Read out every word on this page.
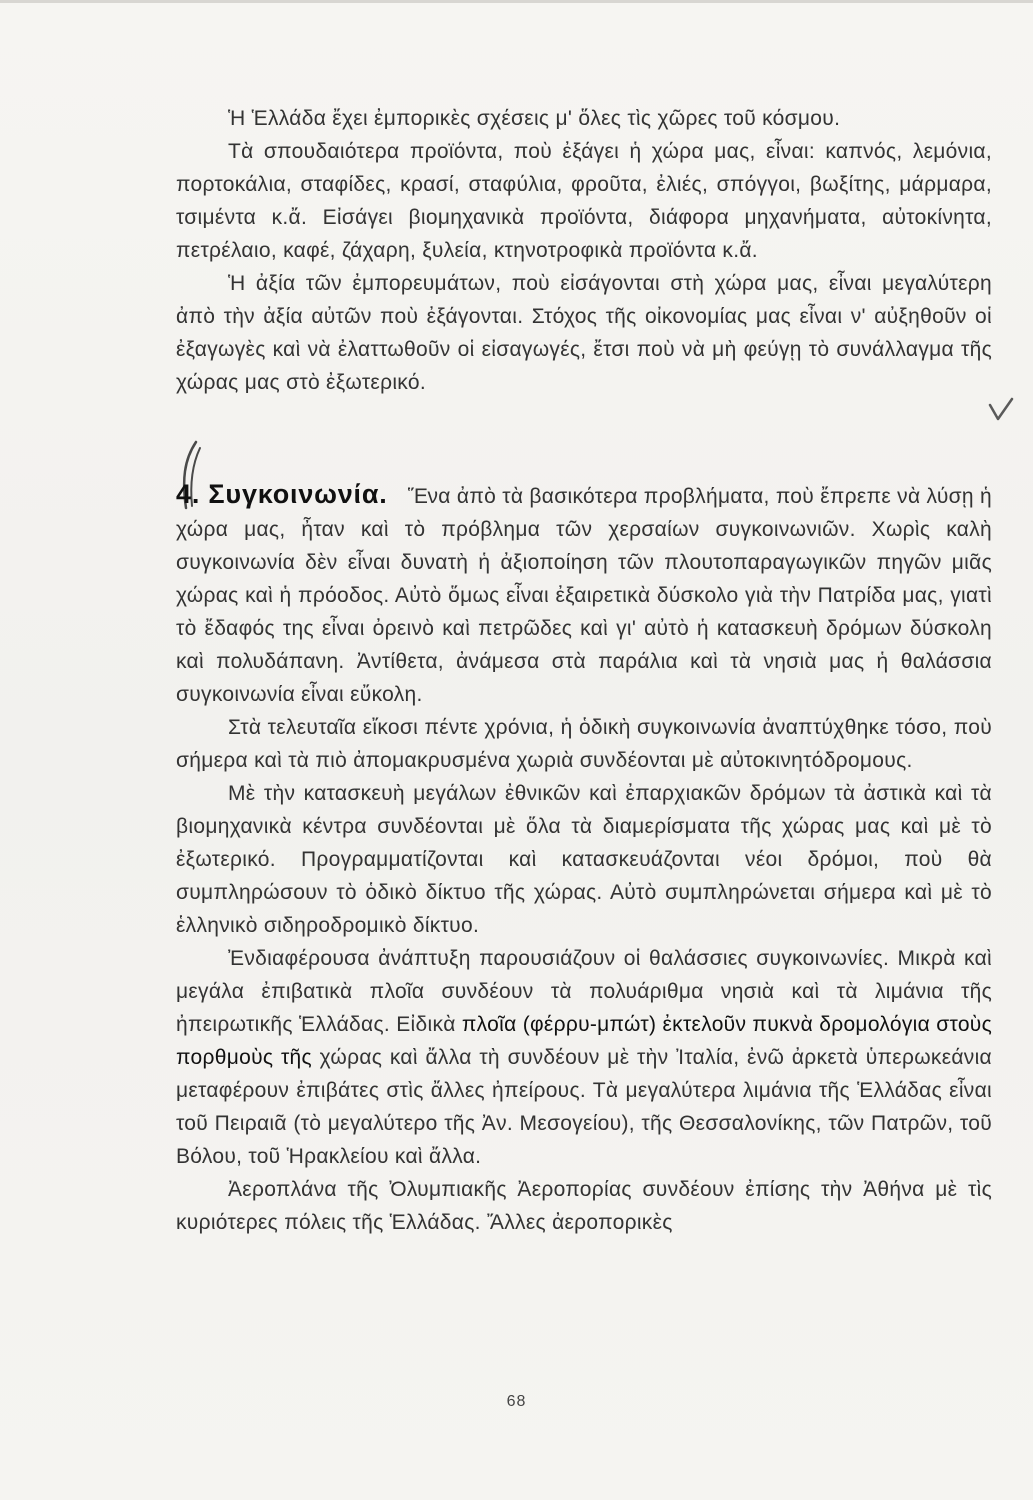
Ἡ Ἑλλάδα ἔχει ἐμπορικὲς σχέσεις μ' ὅλες τὶς χῶρες τοῦ κόσμου.

Τὰ σπουδαιότερα προϊόντα, ποὺ ἐξάγει ἡ χώρα μας, εἶναι: καπνός, λεμόνια, πορτοκάλια, σταφίδες, κρασί, σταφύλια, φροῦτα, ἐλιές, σπόγγοι, βωξίτης, μάρμαρα, τσιμέντα κ.ἄ. Εἰσάγει βιομηχανικὰ προϊόντα, διάφορα μηχανήματα, αὐτοκίνητα, πετρέλαιο, καφέ, ζάχαρη, ξυλεία, κτηνοτροφικὰ προϊόντα κ.ἄ.

Ἡ ἀξία τῶν ἐμπορευμάτων, ποὺ εἰσάγονται στὴ χώρα μας, εἶναι μεγαλύτερη ἀπὸ τὴν ἀξία αὐτῶν ποὺ ἐξάγονται. Στόχος τῆς οἰκονομίας μας εἶναι ν' αὐξηθοῦν οἱ ἐξαγωγὲς καὶ νὰ ἐλαττωθοῦν οἱ εἰσαγωγές, ἔτσι ποὺ νὰ μὴ φεύγῃ τὸ συνάλλαγμα τῆς χώρας μας στὸ ἐξωτερικό.

4. Συγκοινωνία. Ἕνα ἀπὸ τὰ βασικότερα προβλήματα, ποὺ ἔπρεπε νὰ λύσῃ ἡ χώρα μας, ἦταν καὶ τὸ πρόβλημα τῶν χερσαίων συγκοινωνιῶν. Χωρὶς καλὴ συγκοινωνία δὲν εἶναι δυνατὴ ἡ ἀξιοποίηση τῶν πλουτοπαραγωγικῶν πηγῶν μιᾶς χώρας καὶ ἡ πρόοδος. Αὐτὸ ὅμως εἶναι ἐξαιρετικὰ δύσκολο γιὰ τὴν Πατρίδα μας, γιατὶ τὸ ἔδαφός της εἶναι ὀρεινὸ καὶ πετρῶδες καὶ γι' αὐτὸ ἡ κατασκευὴ δρόμων δύσκολη καὶ πολυδάπανη. Ἀντίθετα, ἀνάμεσα στὰ παράλια καὶ τὰ νησιὰ μας ἡ θαλάσσια συγκοινωνία εἶναι εὔκολη.

Στὰ τελευταῖα εἴκοσι πέντε χρόνια, ἡ ὁδικὴ συγκοινωνία ἀναπτύχθηκε τόσο, ποὺ σήμερα καὶ τὰ πιὸ ἀπομακρυσμένα χωριὰ συνδέονται μὲ αὐτοκινητόδρομους.

Μὲ τὴν κατασκευὴ μεγάλων ἐθνικῶν καὶ ἐπαρχιακῶν δρόμων τὰ ἀστικὰ καὶ τὰ βιομηχανικὰ κέντρα συνδέονται μὲ ὅλα τὰ διαμερίσματα τῆς χώρας μας καὶ μὲ τὸ ἐξωτερικό. Προγραμματίζονται καὶ κατασκευάζονται νέοι δρόμοι, ποὺ θὰ συμπληρώσουν τὸ ὁδικὸ δίκτυο τῆς χώρας. Αὐτὸ συμπληρώνεται σήμερα καὶ μὲ τὸ ἑλληνικὸ σιδηροδρομικὸ δίκτυο.

Ἐνδιαφέρουσα ἀνάπτυξη παρουσιάζουν οἱ θαλάσσιες συγκοινωνίες. Μικρὰ καὶ μεγάλα ἐπιβατικὰ πλοῖα συνδέουν τὰ πολυάριθμα νησιὰ καὶ τὰ λιμάνια τῆς ἠπειρωτικῆς Ἑλλάδας. Εἰδικὰ πλοῖα (φέρρυ-μπώτ) ἐκτελοῦν πυκνὰ δρομολόγια στοὺς πορθμοὺς τῆς χώρας καὶ ἄλλα τὴ συνδέουν μὲ τὴν Ἰταλία, ἐνῶ ἀρκετὰ ὑπερωκεάνια μεταφέρουν ἐπιβάτες στὶς ἄλλες ἠπείρους. Τὰ μεγαλύτερα λιμάνια τῆς Ἑλλάδας εἶναι τοῦ Πειραιᾶ (τὸ μεγαλύτερο τῆς Ἀν. Μεσογείου), τῆς Θεσσαλονίκης, τῶν Πατρῶν, τοῦ Βόλου, τοῦ Ἡρακλείου καὶ ἄλλα.

Ἀεροπλάνα τῆς Ὀλυμπιακῆς Ἀεροπορίας συνδέουν ἐπίσης τὴν Ἀθήνα μὲ τὶς κυριότερες πόλεις τῆς Ἑλλάδας. Ἄλλες ἀεροπορικὲς

68
